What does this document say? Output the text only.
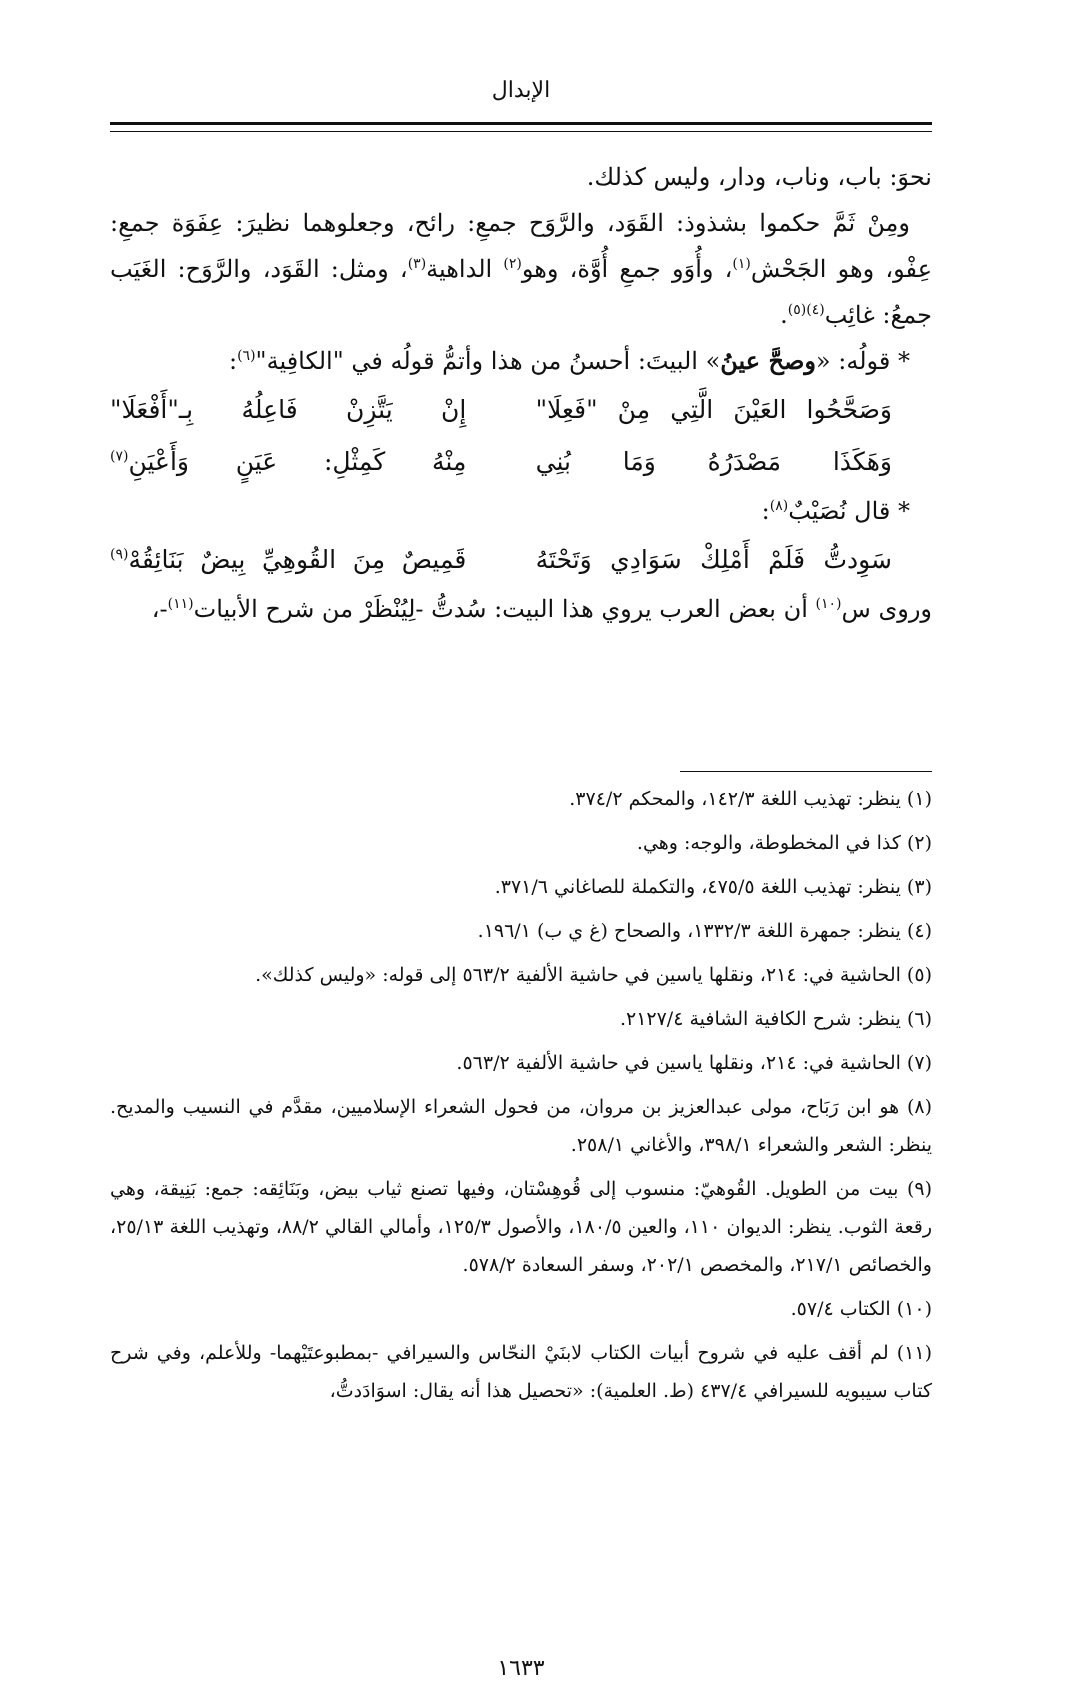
الإبدال

نحوَ: باب، وناب، ودار، وليس كذلك.

ومِنْ ثَمَّ حكموا بشذوذ: القَوَد، والرَّوَح جمعِ: رائح، وجعلوهما نظيرَ: عِفَوَة جمعِ: عِفْو، وهو الجَحْش$^{(١)}$، وأُوَو جمعِ أُوَّة، وهو$^{(٢)}$ الداهية$^{(٣)}$، ومثل: القَوَد، والرَّوَح: الغَيَب جمعُ: غائِب$^{(٤)(٥)}$.

* قولُه: «وصحَّ عينُ» البيتَ: أحسنُ من هذا وأتمُّ قولُه في "الكافِية"$^{(٦)}$:

وَصَحَّحُوا العَيْنَ الَّتِي مِنْ "فَعِلَا"
إِنْ يَتَّزِنْ فَاعِلُهُ بِـ"أَفْعَلَا"
وَهَكَذَا مَصْدَرُهُ وَمَا بُنِي
مِنْهُ كَمِثْلِ: عَيَنٍ وَأَعْيَنِ$^{(٧)}$

* قال نُصَيْبٌ$^{(٨)}$:

سَوِدتُّ فَلَمْ أَمْلِكْ سَوَادِي وَتَحْتَهُ
قَمِيصٌ مِنَ القُوهِيِّ بِيضٌ بَنَائِقُهْ$^{(٩)}$

وروى س$^{(١٠)}$ أن بعض العرب يروي هذا البيت: سُدتُّ -لِيُنْظَرْ من شرح الأبيات$^{(١١)}$-،

(١) ينظر: تهذيب اللغة ١٤٢/٣، والمحكم ٣٧٤/٢.

(٢) كذا في المخطوطة، والوجه: وهي.

(٣) ينظر: تهذيب اللغة ٤٧٥/٥، والتكملة للصاغاني ٣٧١/٦.

(٤) ينظر: جمهرة اللغة ١٣٣٢/٣، والصحاح (غ ي ب) ١٩٦/١.

(٥) الحاشية في: ٢١٤، ونقلها ياسين في حاشية الألفية ٥٦٣/٢ إلى قوله: «وليس كذلك».

(٦) ينظر: شرح الكافية الشافية ٢١٢٧/٤.

(٧) الحاشية في: ٢١٤، ونقلها ياسين في حاشية الألفية ٥٦٣/٢.

(٨) هو ابن رَبَاح، مولى عبدالعزيز بن مروان، من فحول الشعراء الإسلاميين، مقدَّم في النسيب والمديح. ينظر: الشعر والشعراء ٣٩٨/١، والأغاني ٢٥٨/١.

(٩) بيت من الطويل. القُوهيّ: منسوب إلى قُوهِسْتان، وفيها تصنع ثياب بيض، وبَنَائِقه: جمع: بَنِيقة، وهي رقعة الثوب. ينظر: الديوان ١١٠، والعين ١٨٠/٥، والأصول ١٢٥/٣، وأمالي القالي ٨٨/٢، وتهذيب اللغة ٢٥/١٣، والخصائص ٢١٧/١، والمخصص ٢٠٢/١، وسفر السعادة ٥٧٨/٢.

(١٠) الكتاب ٥٧/٤.

(١١) لم أقف عليه في شروح أبيات الكتاب لابنَيْ النحّاس والسيرافي -بمطبوعتَيْهما- وللأعلم، وفي شرح كتاب سيبويه للسيرافي ٤٣٧/٤ (ط. العلمية): «تحصيل هذا أنه يقال: اسوَادَدتُّ،

١٦٣٣
